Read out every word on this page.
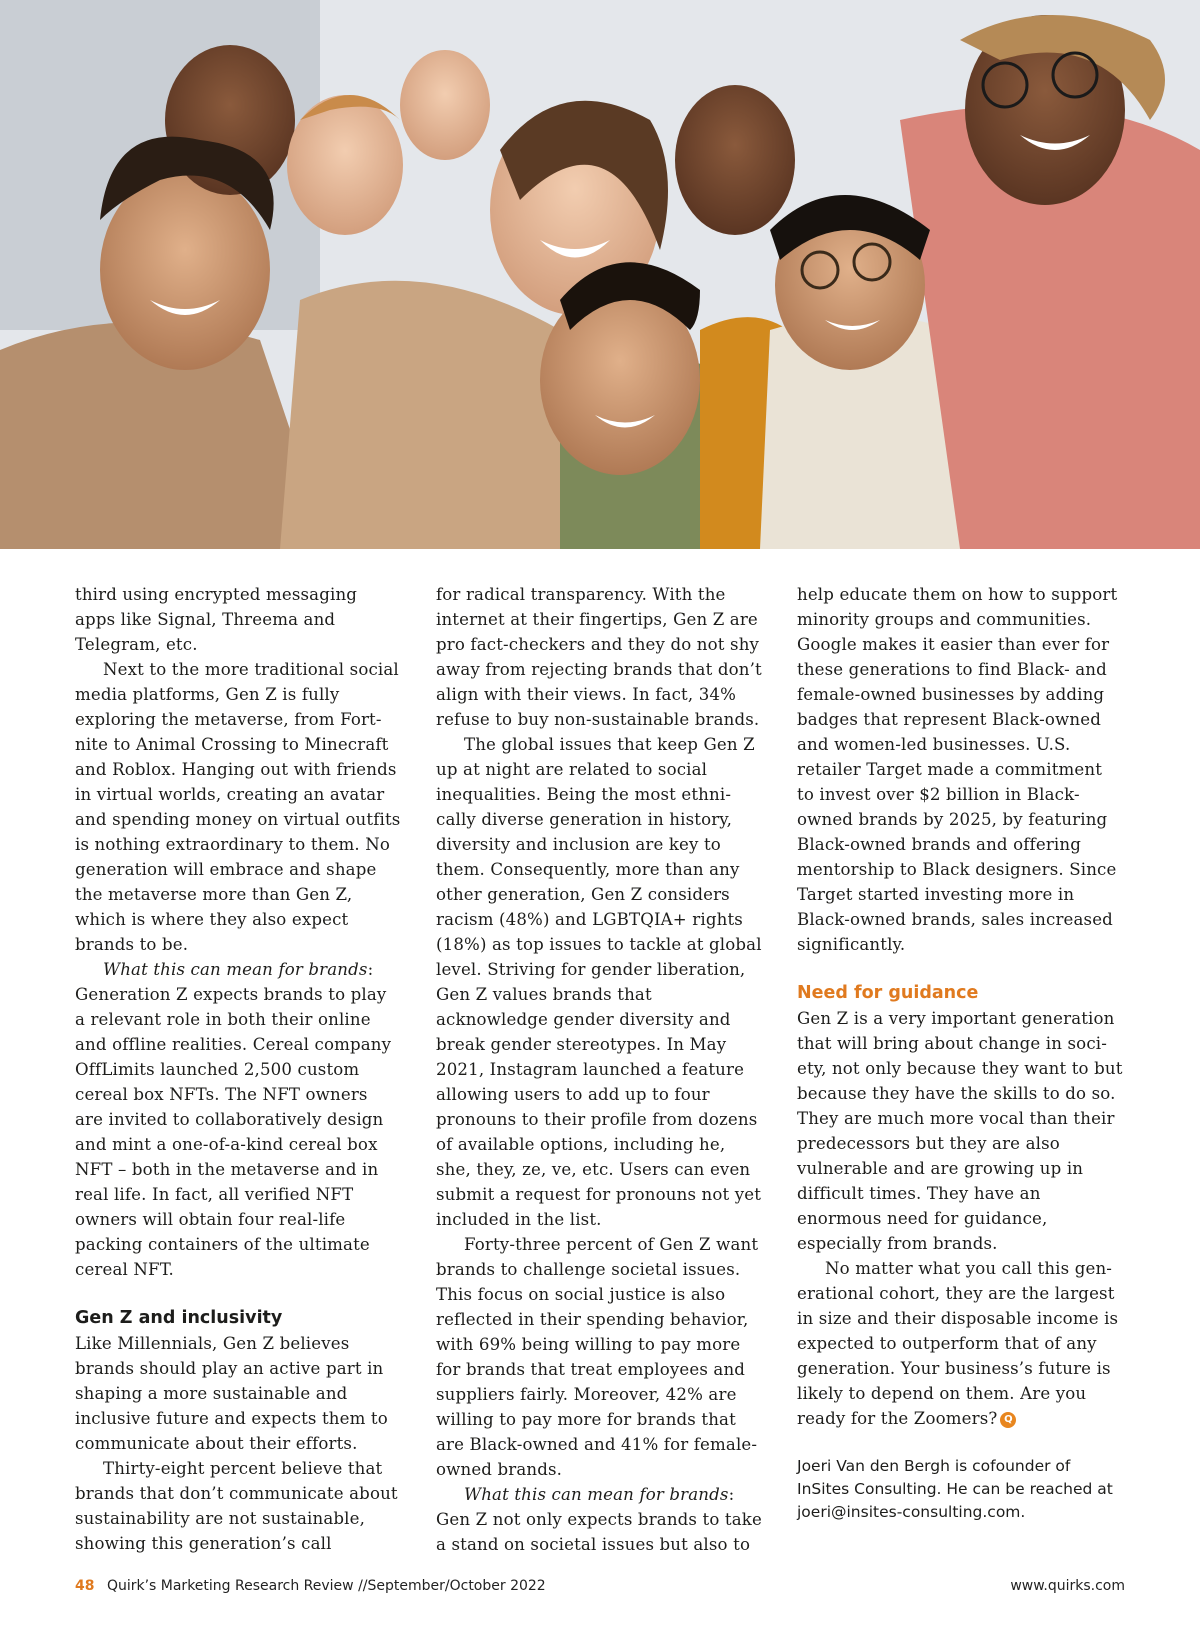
third using encrypted messaging apps like Signal, Threema and Telegram, etc.

Next to the more traditional social media platforms, Gen Z is fully exploring the metaverse, from Fortnite to Animal Crossing to Minecraft and Roblox. Hanging out with friends in virtual worlds, creating an avatar and spending money on virtual outfits is nothing extraordinary to them. No generation will embrace and shape the metaverse more than Gen Z, which is where they also expect brands to be.

What this can mean for brands: Generation Z expects brands to play a relevant role in both their online and offline realities. Cereal company OffLimits launched 2,500 custom cereal box NFTs. The NFT owners are invited to collaboratively design and mint a one-of-a-kind cereal box NFT – both in the metaverse and in real life. In fact, all verified NFT owners will obtain four real-life packing containers of the ultimate cereal NFT.

Gen Z and inclusivity

Like Millennials, Gen Z believes brands should play an active part in shaping a more sustainable and inclusive future and expects them to communicate about their efforts.

Thirty-eight percent believe that brands that don’t communicate about sustainability are not sustainable, showing this generation’s call

for radical transparency. With the internet at their fingertips, Gen Z are pro fact-checkers and they do not shy away from rejecting brands that don’t align with their views. In fact, 34% refuse to buy non-sustainable brands.

The global issues that keep Gen Z up at night are related to social inequalities. Being the most ethnically diverse generation in history, diversity and inclusion are key to them. Consequently, more than any other generation, Gen Z considers racism (48%) and LGBTQIA+ rights (18%) as top issues to tackle at global level. Striving for gender liberation, Gen Z values brands that acknowledge gender diversity and break gender stereotypes. In May 2021, Instagram launched a feature allowing users to add up to four pronouns to their profile from dozens of available options, including he, she, they, ze, ve, etc. Users can even submit a request for pronouns not yet included in the list.

Forty-three percent of Gen Z want brands to challenge societal issues. This focus on social justice is also reflected in their spending behavior, with 69% being willing to pay more for brands that treat employees and suppliers fairly. Moreover, 42% are willing to pay more for brands that are Black-owned and 41% for female-owned brands.

What this can mean for brands: Gen Z not only expects brands to take a stand on societal issues but also to

help educate them on how to support minority groups and communities. Google makes it easier than ever for these generations to find Black- and female-owned businesses by adding badges that represent Black-owned and women-led businesses. U.S. retailer Target made a commitment to invest over $2 billion in Black-owned brands by 2025, by featuring Black-owned brands and offering mentorship to Black designers. Since Target started investing more in Black-owned brands, sales increased significantly.

Need for guidance

Gen Z is a very important generation that will bring about change in society, not only because they want to but because they have the skills to do so. They are much more vocal than their predecessors but they are also vulnerable and are growing up in difficult times. They have an enormous need for guidance, especially from brands.

No matter what you call this generational cohort, they are the largest in size and their disposable income is expected to outperform that of any generation. Your business’s future is likely to depend on them. Are you ready for the Zoomers? Q

Joeri Van den Bergh is cofounder of InSites Consulting. He can be reached at joeri@insites-consulting.com.

48 Quirk’s Marketing Research Review //September/October 2022	www.quirks.com
